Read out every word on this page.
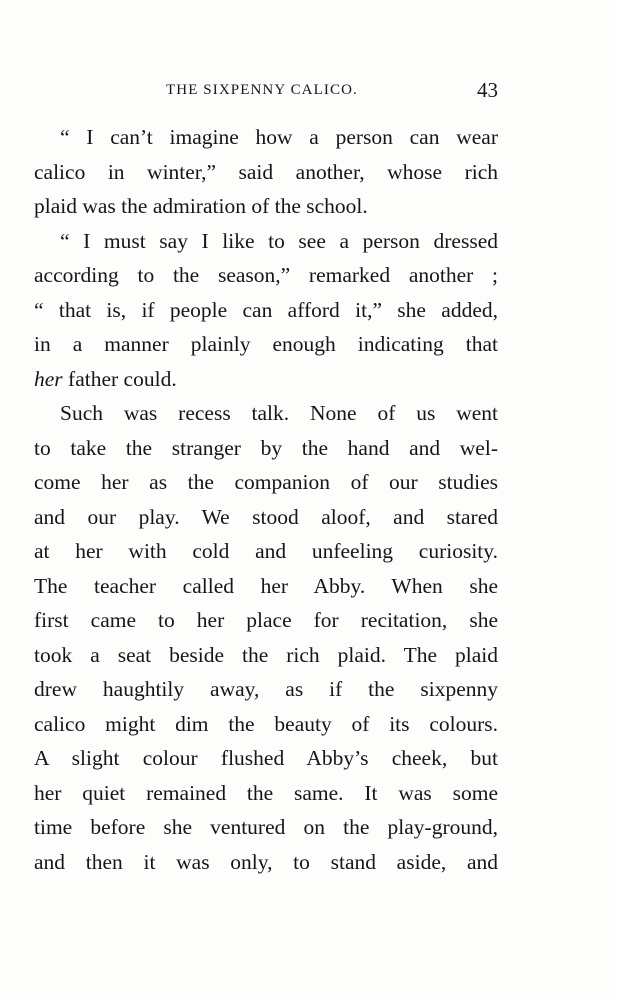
THE SIXPENNY CALICO.	43
“ I can’t imagine how a person can wear
calico in winter,” said another, whose rich
plaid was the admiration of the school.
“ I must say I like to see a person dressed
according to the season,” remarked another ;
“ that is, if people can afford it,” she added,
in a manner plainly enough indicating that
her father could.
Such was recess talk. None of us went
to take the stranger by the hand and wel-
come her as the companion of our studies
and our play. We stood aloof, and stared
at her with cold and unfeeling curiosity.
The teacher called her Abby. When she
first came to her place for recitation, she
took a seat beside the rich plaid. The plaid
drew haughtily away, as if the sixpenny
calico might dim the beauty of its colours.
A slight colour flushed Abby’s cheek, but
her quiet remained the same. It was some
time before she ventured on the play-ground,
and then it was only, to stand aside, and
